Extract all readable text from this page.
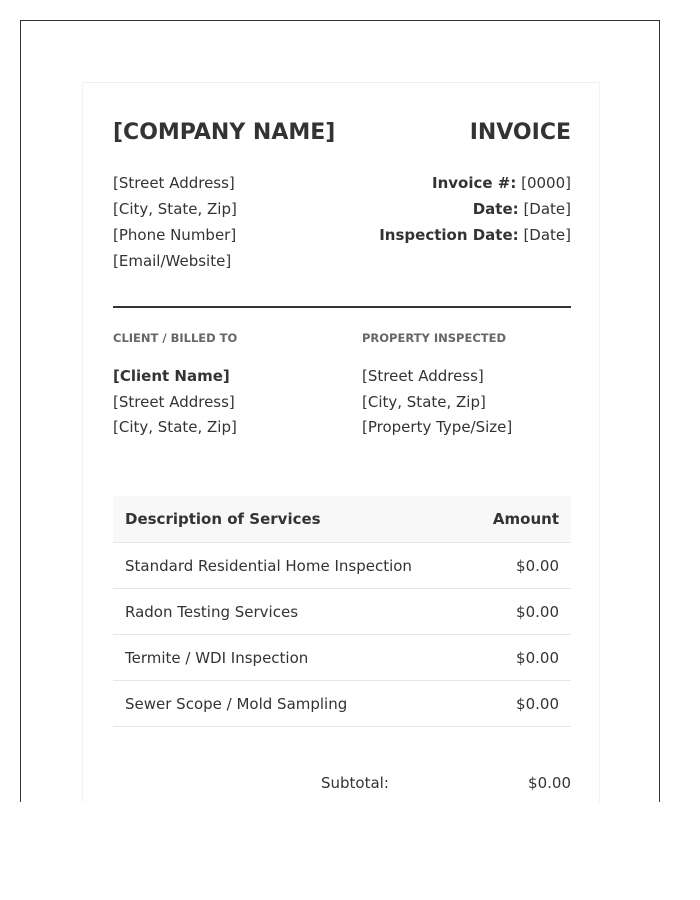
[COMPANY NAME]	INVOICE
[Street Address]
[City, State, Zip]
[Phone Number]
[Email/Website]
Invoice #: [0000]
Date: [Date]
Inspection Date: [Date]
CLIENT / BILLED TO	PROPERTY INSPECTED
[Client Name]
[Street Address]
[City, State, Zip]
[Street Address]
[City, State, Zip]
[Property Type/Size]
Description of Services	Amount
Standard Residential Home Inspection	$0.00
Radon Testing Services	$0.00
Termite / WDI Inspection	$0.00
Sewer Scope / Mold Sampling	$0.00
Subtotal:	$0.00
